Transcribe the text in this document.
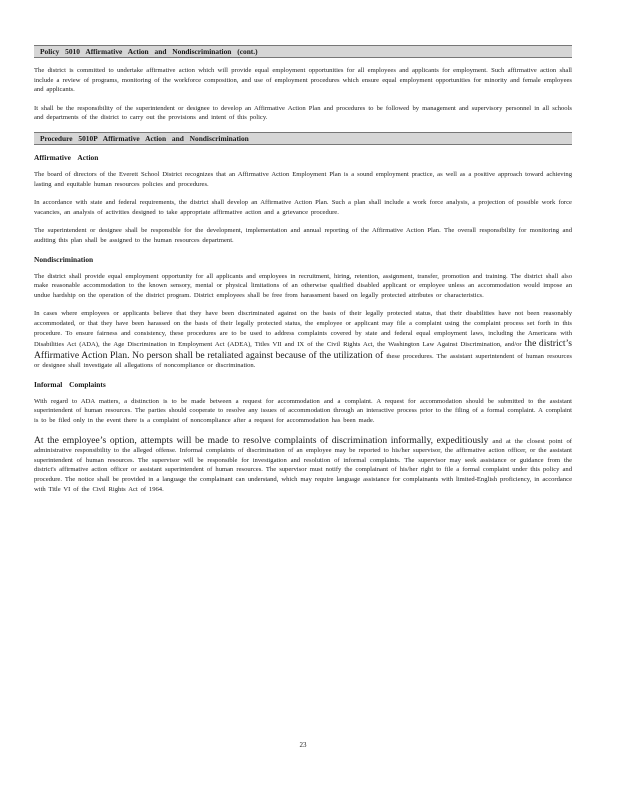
Policy 5010 Affirmative Action and Nondiscrimination (cont.)

The district is committed to undertake affirmative action which will provide equal employment opportunities for all employees and applicants for employment. Such affirmative action shall include a review of programs, monitoring of the workforce composition, and use of employment procedures which ensure equal employment opportunities for minority and female employees and applicants.

It shall be the responsibility of the superintendent or designee to develop an Affirmative Action Plan and procedures to be followed by management and supervisory personnel in all schools and departments of the district to carry out the provisions and intent of this policy.

Procedure 5010P Affirmative Action and Nondiscrimination
Affirmative Action

The board of directors of the Everett School District recognizes that an Affirmative Action Employment Plan is a sound employment practice, as well as a positive approach toward achieving lasting and equitable human resources policies and procedures.

In accordance with state and federal requirements, the district shall develop an Affirmative Action Plan. Such a plan shall include a work force analysis, a projection of possible work force vacancies, an analysis of activities designed to take appropriate affirmative action and a grievance procedure.

The superintendent or designee shall be responsible for the development, implementation and annual reporting of the Affirmative Action Plan. The overall responsibility for monitoring and auditing this plan shall be assigned to the human resources department.

Nondiscrimination

The district shall provide equal employment opportunity for all applicants and employees in recruitment, hiring, retention, assignment, transfer, promotion and training. The district shall also make reasonable accommodation to the known sensory, mental or physical limitations of an otherwise qualified disabled applicant or employee unless an accommodation would impose an undue hardship on the operation of the district program. District employees shall be free from harassment based on legally protected attributes or characteristics.

In cases where employees or applicants believe that they have been discriminated against on the basis of their legally protected status, that their disabilities have not been reasonably accommodated, or that they have been harassed on the basis of their legally protected status, the employee or applicant may file a complaint using the complaint process set forth in this procedure. To ensure fairness and consistency, these procedures are to be used to address complaints covered by state and federal equal employment laws, including the Americans with Disabilities Act (ADA), the Age Discrimination in Employment Act (ADEA), Titles VII and IX of the Civil Rights Act, the Washington Law Against Discrimination, and/or the district’s Affirmative Action Plan. No person shall be retaliated against because of the utilization of these procedures. The assistant superintendent of human resources or designee shall investigate all allegations of noncompliance or discrimination.

Informal Complaints

With regard to ADA matters, a distinction is to be made between a request for accommodation and a complaint. A request for accommodation should be submitted to the assistant superintendent of human resources. The parties should cooperate to resolve any issues of accommodation through an interactive process prior to the filing of a formal complaint. A complaint is to be filed only in the event there is a complaint of noncompliance after a request for accommodation has been made.

At the employee’s option, attempts will be made to resolve complaints of discrimination informally, expeditiously and at the closest point of administrative responsibility to the alleged offense. Informal complaints of discrimination of an employee may be reported to his/her supervisor, the affirmative action officer, or the assistant superintendent of human resources. The supervisor will be responsible for investigation and resolution of informal complaints. The supervisor may seek assistance or guidance from the district's affirmative action officer or assistant superintendent of human resources. The supervisor must notify the complainant of his/her right to file a formal complaint under this policy and procedure. The notice shall be provided in a language the complainant can understand, which may require language assistance for complainants with limited-English proficiency, in accordance with Title VI of the Civil Rights Act of 1964.

23
